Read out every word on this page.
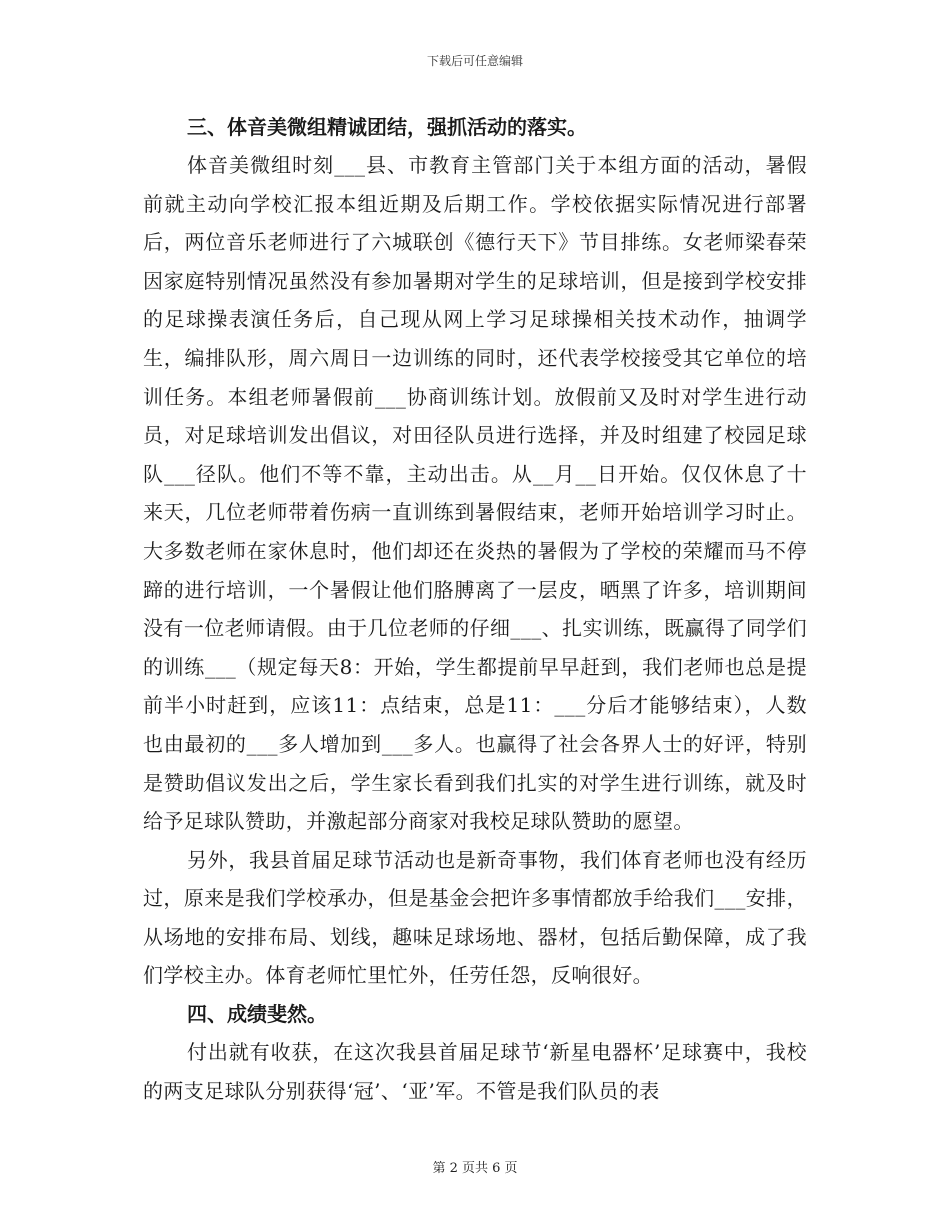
下载后可任意编辑

三、体音美微组精诚团结，强抓活动的落实。

体音美微组时刻___县、市教育主管部门关于本组方面的活动，暑假前就主动向学校汇报本组近期及后期工作。学校依据实际情况进行部署后，两位音乐老师进行了六城联创《德行天下》节目排练。女老师梁春荣因家庭特别情况虽然没有参加暑期对学生的足球培训，但是接到学校安排的足球操表演任务后，自己现从网上学习足球操相关技术动作，抽调学生，编排队形，周六周日一边训练的同时，还代表学校接受其它单位的培训任务。本组老师暑假前___协商训练计划。放假前又及时对学生进行动员，对足球培训发出倡议，对田径队员进行选择，并及时组建了校园足球队___径队。他们不等不靠，主动出击。从__月__日开始。仅仅休息了十来天，几位老师带着伤病一直训练到暑假结束，老师开始培训学习时止。大多数老师在家休息时，他们却还在炎热的暑假为了学校的荣耀而马不停蹄的进行培训，一个暑假让他们胳膊离了一层皮，晒黑了许多，培训期间没有一位老师请假。由于几位老师的仔细___、扎实训练，既赢得了同学们的训练___（规定每天8：开始，学生都提前早早赶到，我们老师也总是提前半小时赶到，应该11：点结束，总是11：___分后才能够结束），人数也由最初的___多人增加到___多人。也赢得了社会各界人士的好评，特别是赞助倡议发出之后，学生家长看到我们扎实的对学生进行训练，就及时给予足球队赞助，并激起部分商家对我校足球队赞助的愿望。

另外，我县首届足球节活动也是新奇事物，我们体育老师也没有经历过，原来是我们学校承办，但是基金会把许多事情都放手给我们___安排，从场地的安排布局、划线，趣味足球场地、器材，包括后勤保障，成了我们学校主办。体育老师忙里忙外，任劳任怨，反响很好。

四、成绩斐然。

付出就有收获，在这次我县首届足球节‘新星电器杯’足球赛中，我校的两支足球队分别获得‘冠’、‘亚’军。不管是我们队员的表

第 2 页共 6 页
